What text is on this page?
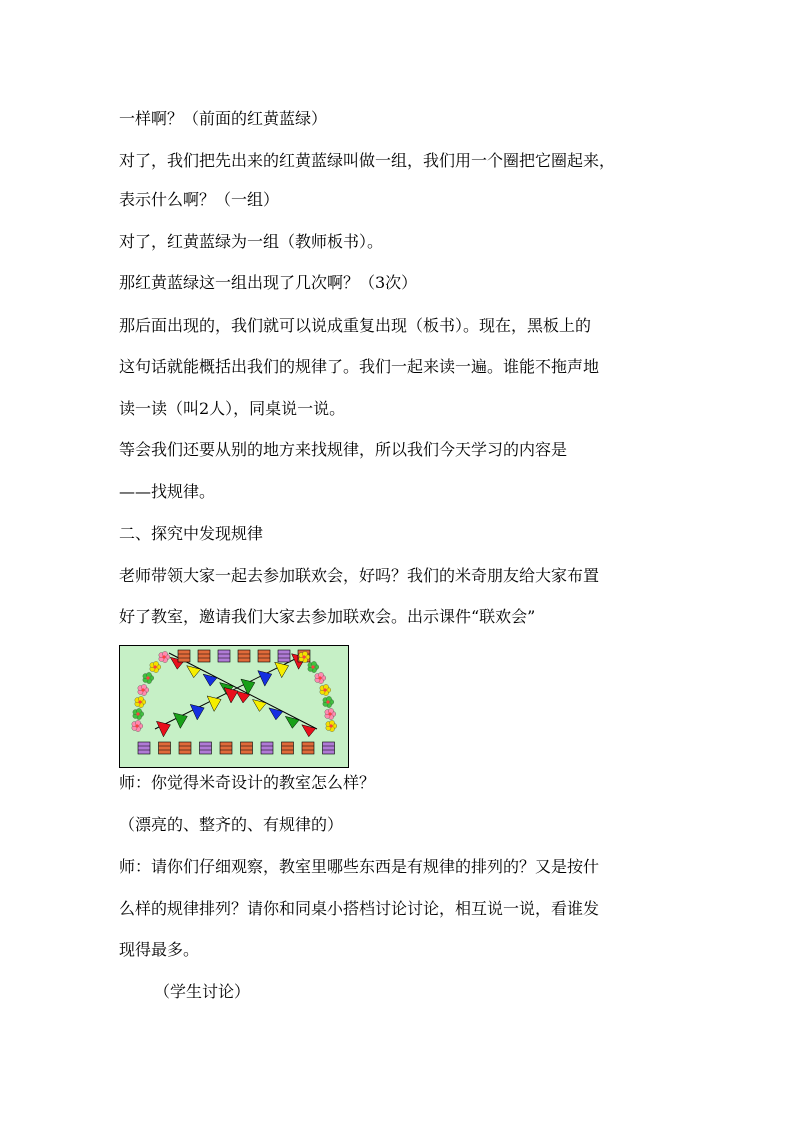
一样啊？（前面的红黄蓝绿）
对了，我们把先出来的红黄蓝绿叫做一组，我们用一个圈把它圈起来，
表示什么啊？（一组）
对了，红黄蓝绿为一组（教师板书）。
那红黄蓝绿这一组出现了几次啊？（3次）
那后面出现的，我们就可以说成重复出现（板书）。现在，黑板上的
这句话就能概括出我们的规律了。我们一起来读一遍。谁能不拖声地
读一读（叫2人），同桌说一说。
等会我们还要从别的地方来找规律，所以我们今天学习的内容是
——找规律。
二、探究中发现规律
老师带领大家一起去参加联欢会，好吗？我们的米奇朋友给大家布置
好了教室，邀请我们大家去参加联欢会。出示课件“联欢会”
师：你觉得米奇设计的教室怎么样？
（漂亮的、整齐的、有规律的）
师：请你们仔细观察，教室里哪些东西是有规律的排列的？又是按什
么样的规律排列？请你和同桌小搭档讨论讨论，相互说一说，看谁发
现得最多。
（学生讨论）
